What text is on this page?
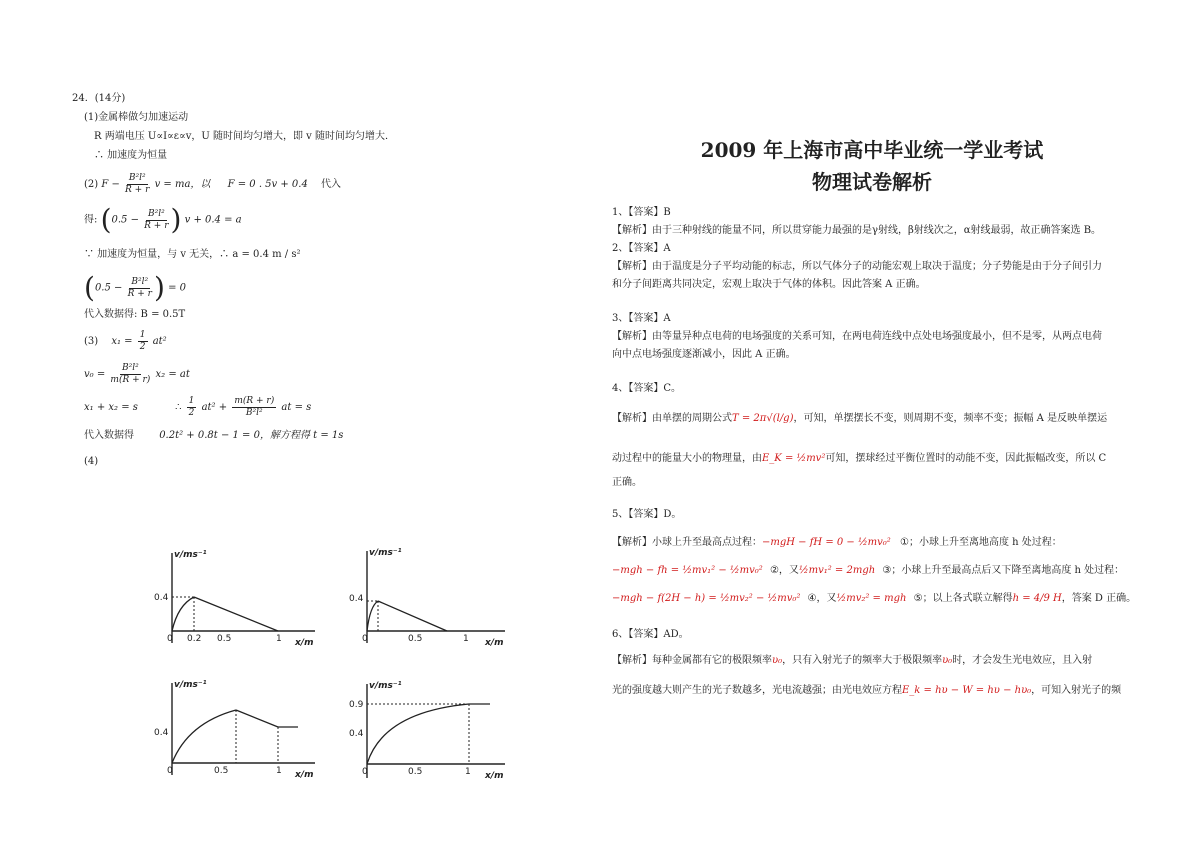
24．(14分)
(1)金属棒做匀加速运动
R 两端电压 U∝I∝ε∝v，U 随时间均匀增大，即 v 随时间均匀增大．
∴ 加速度为恒量
(2) $F - \frac{\text{B²l²}}{R + r}$ v = ma，以 F = 0 . 5v + 0.4 代入
得: ($0.5 - \frac{\text{B²l²}}{R + r}$ ) v + 0.4 = a
∵ 加速度为恒量，与 v 无关，∴ a = 0.4 m / s²
($0.5 - \frac{\text{B²l²}}{R + r}$ ) = 0
代入数据得: B = 0.5T
(3) $x_1 = \frac{1}{2} at^2$
$v_0 = \frac{\text{B²l²}}{m(R + r)} x_2$ = at
x₁ + x₂ = s	∴ $\frac{1}{2} at^2 + \frac{m(R + r)}{\text{B²l²}}$ at = s
代入数据得	0.2t² + 0.8t − 1 = 0，解方程得 t = 1s
(4)
v/ms⁻¹
x/m
0.4
0 0.2 0.5	1
v/ms⁻¹
x/m
0.4
0	0.5	1
v/ms⁻¹
x/m
0.4
0	0.5	1
v/ms⁻¹
x/m
0.9
0.4
0	0.5	1
2009 年上海市高中毕业统一学业考试
物理试卷解析
1、【答案】B
【解析】由于三种射线的能量不同，所以贯穿能力最强的是γ射线，β射线次之，α射线最弱，故正确答案选 B。
2、【答案】A
【解析】由于温度是分子平均动能的标志，所以气体分子的动能宏观上取决于温度；分子势能是由于分子间引力
和分子间距离共同决定，宏观上取决于气体的体积。因此答案 A 正确。
3、【答案】A
【解析】由等量异种点电荷的电场强度的关系可知，在两电荷连线中点处电场强度最小，但不是零，从两点电荷
向中点电场强度逐渐减小，因此 A 正确。
4、【答案】C。
【解析】由单摆的周期公式T = 2π√(l/g)，可知，单摆摆长不变，则周期不变，频率不变；振幅 A 是反映单摆运
动过程中的能量大小的物理量，由E_K = ½mv²可知，摆球经过平衡位置时的动能不变，因此振幅改变，所以 C
正确。
5、【答案】D。
【解析】小球上升至最高点过程：−mgH − fH = 0 − ½mv₀² ①；小球上升至离地高度 h 处过程：
−mgh − fh = ½mv₁² − ½mv₀² ②，又½mv₁² = 2mgh ③；小球上升至最高点后又下降至离地高度 h 处过程：
−mgh − f(2H − h) = ½mv₂² − ½mv₀² ④，又½mv₂² = mgh ⑤；以上各式联立解得h = 4/9 H，答案 D 正确。
6、【答案】AD。
【解析】每种金属都有它的极限频率υ₀，只有入射光子的频率大于极限频率υ₀时，才会发生光电效应，且入射
光的强度越大则产生的光子数越多，光电流越强；由光电效应方程E_k = hυ − W = hυ − hυ₀，可知入射光子的频
